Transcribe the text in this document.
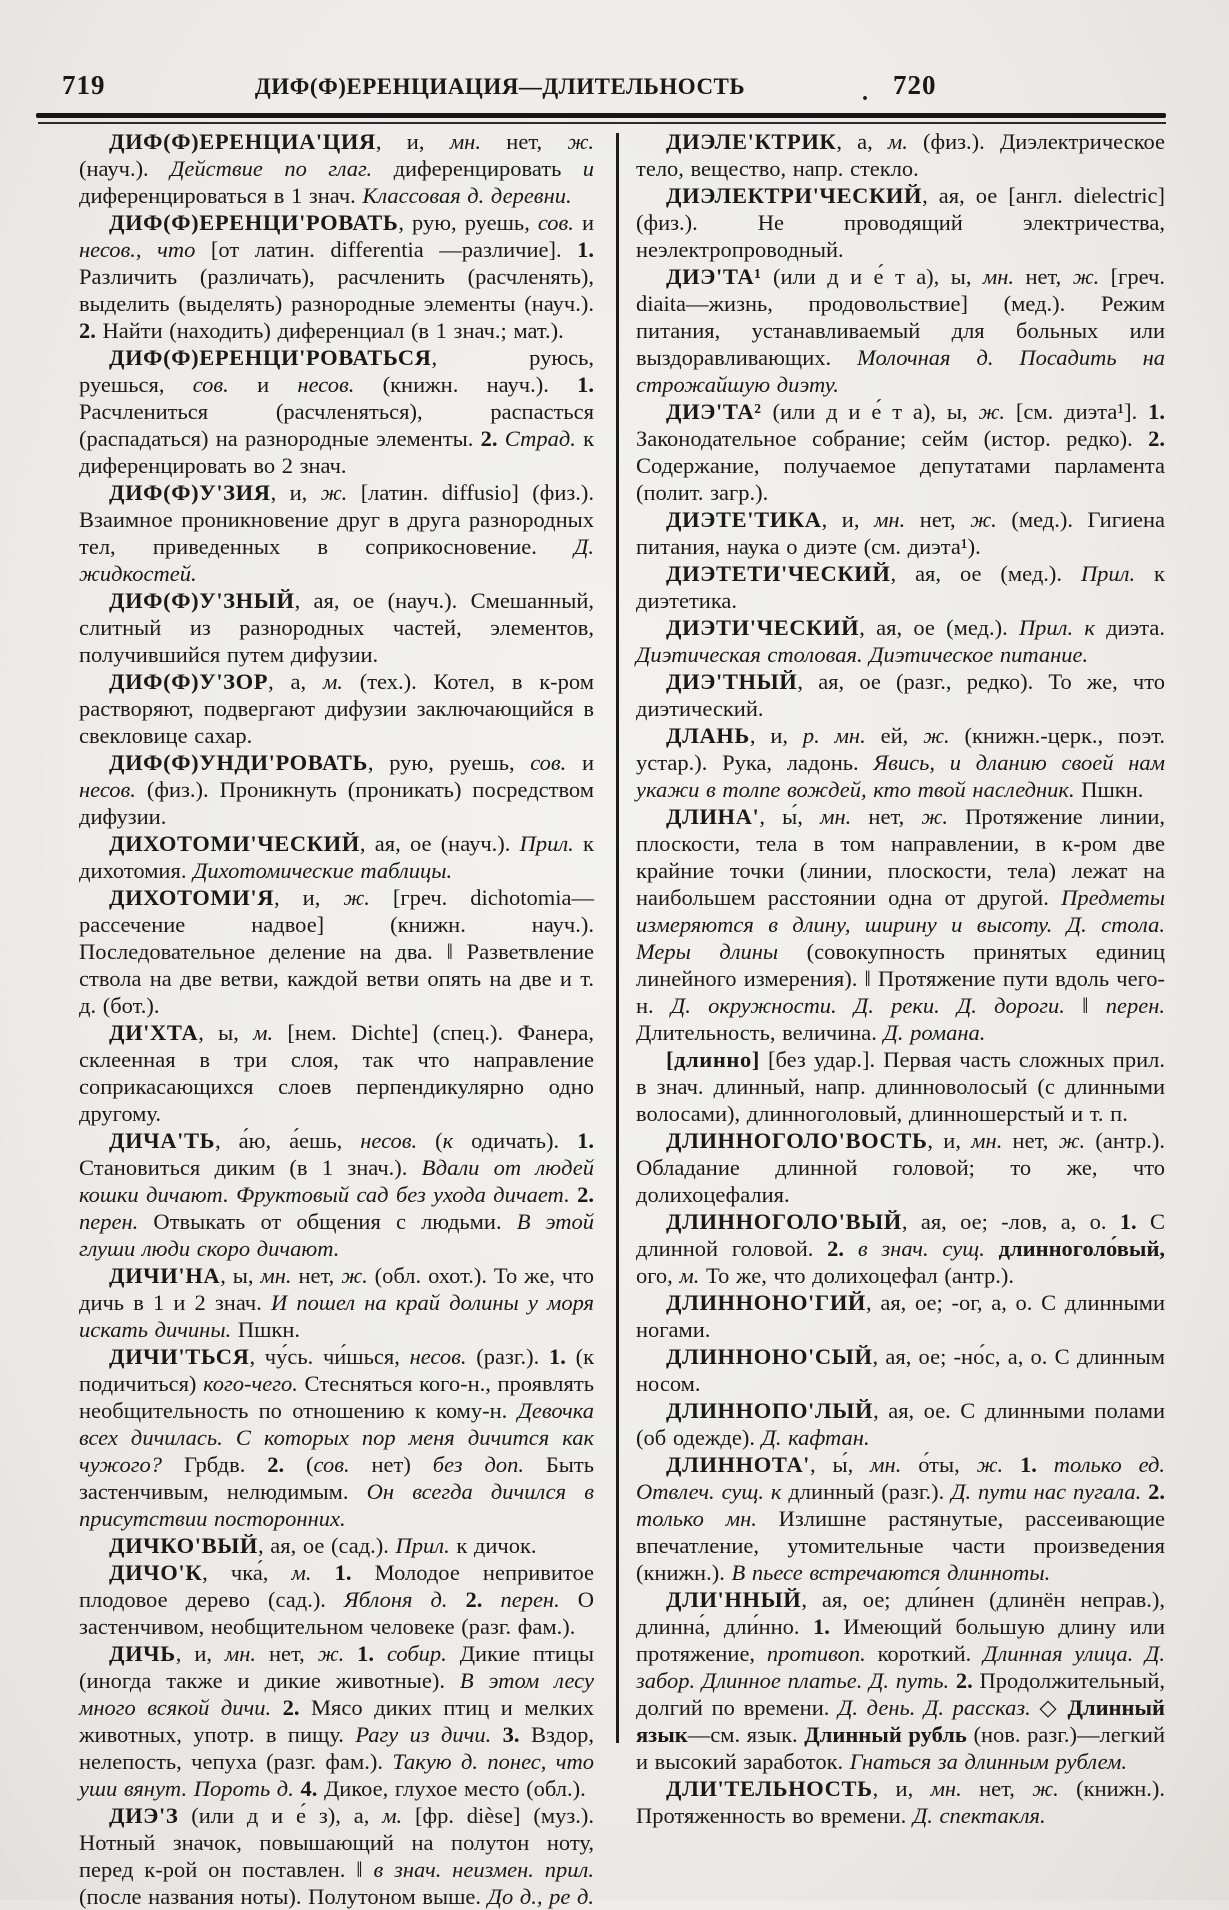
719	ДИФ(Ф)ЕРЕНЦИАЦИЯ—ДЛИТЕЛЬНОСТЬ	. 720

ДИФ(Ф)ЕРЕНЦИА'ЦИЯ, и, мн. нет, ж. (науч.). Действие по глаг. диференцировать и диференцироваться в 1 знач. Классовая д. деревни.

ДИФ(Ф)ЕРЕНЦИ'РОВАТЬ, рую, руешь, сов. и несов., что [от латин. differentia —различие]. 1. Различить (различать), расчленить (расчленять), выделить (выделять) разнородные элементы (науч.). 2. Найти (находить) диференциал (в 1 знач.; мат.).

ДИФ(Ф)ЕРЕНЦИ'РОВАТЬСЯ, руюсь, руешься, сов. и несов. (книжн. науч.). 1. Расчлениться (расчленяться), распасться (распадаться) на разнородные элементы. 2. Страд. к диференцировать во 2 знач.

ДИФ(Ф)У'ЗИЯ, и, ж. [латин. diffusio] (физ.). Взаимное проникновение друг в друга разнородных тел, приведенных в соприкосновение. Д. жидкостей.

ДИФ(Ф)У'ЗНЫЙ, ая, ое (науч.). Смешанный, слитный из разнородных частей, элементов, получившийся путем дифузии.

ДИФ(Ф)У'ЗОР, а, м. (тех.). Котел, в к-ром растворяют, подвергают дифузии заключающийся в свекловице сахар.

ДИФ(Ф)УНДИ'РОВАТЬ, рую, руешь, сов. и несов. (физ.). Проникнуть (проникать) посредством дифузии.

ДИХОТОМИ'ЧЕСКИЙ, ая, ое (науч.). Прил. к дихотомия. Дихотомические таблицы.

ДИХОТОМИ'Я, и, ж. [греч. dichotomia— рассечение надвое] (книжн. науч.). Последовательное деление на два. ‖ Разветвление ствола на две ветви, каждой ветви опять на две и т. д. (бот.).

ДИ'ХТА, ы, м. [нем. Dichte] (спец.). Фанера, склеенная в три слоя, так что направление соприкасающихся слоев перпендикулярно одно другому.

ДИЧА'ТЬ, а́ю, а́ешь, несов. (к одичать). 1. Становиться диким (в 1 знач.). Вдали от людей кошки дичают. Фруктовый сад без ухода дичает. 2. перен. Отвыкать от общения с людьми. В этой глуши люди скоро дичают.

ДИЧИ'НА, ы, мн. нет, ж. (обл. охот.). То же, что дичь в 1 и 2 знач. И пошел на край долины у моря искать дичины. Пшкн.

ДИЧИ'ТЬСЯ, чу́сь. чи́шься, несов. (разг.). 1. (к подичиться) кого-чего. Стесняться кого-н., проявлять необщительность по отношению к кому-н. Девочка всех дичилась. С которых пор меня дичится как чужого? Грбдв. 2. (сов. нет) без доп. Быть застенчивым, нелюдимым. Он всегда дичился в присутствии посторонних.

ДИЧКО'ВЫЙ, ая, ое (сад.). Прил. к дичок.

ДИЧО'К, чка́, м. 1. Молодое непривитое плодовое дерево (сад.). Яблоня д. 2. перен. О застенчивом, необщительном человеке (разг. фам.).

ДИЧЬ, и, мн. нет, ж. 1. собир. Дикие птицы (иногда также и дикие животные). В этом лесу много всякой дичи. 2. Мясо диких птиц и мелких животных, употр. в пищу. Рагу из дичи. 3. Вздор, нелепость, чепуха (разг. фам.). Такую д. понес, что уши вянут. Пороть д. 4. Дикое, глухое место (обл.).

ДИЭ'З (или д и е́ з), а, м. [фр. dièse] (муз.). Нотный значок, повышающий на полутон ноту, перед к-рой он поставлен. ‖ в знач. неизмен. прил. (после названия ноты). Полутоном выше. До д., ре д.

ДИЭЛЕ'КТРИК, а, м. (физ.). Диэлектрическое тело, вещество, напр. стекло.

ДИЭЛЕКТРИ'ЧЕСКИЙ, ая, ое [англ. dielectric] (физ.). Не проводящий электричества, неэлектропроводный.

ДИЭ'ТА¹ (или д и е́ т а), ы, мн. нет, ж. [греч. diaita—жизнь, продовольствие] (мед.). Режим питания, устанавливаемый для больных или выздоравливающих. Молочная д. Посадить на строжайшую диэту.

ДИЭ'ТА² (или д и е́ т а), ы, ж. [см. диэта¹]. 1. Законодательное собрание; сейм (истор. редко). 2. Содержание, получаемое депутатами парламента (полит. загр.).

ДИЭТЕ'ТИКА, и, мн. нет, ж. (мед.). Гигиена питания, наука о диэте (см. диэта¹).

ДИЭТЕТИ'ЧЕСКИЙ, ая, ое (мед.). Прил. к диэтетика.

ДИЭТИ'ЧЕСКИЙ, ая, ое (мед.). Прил. к диэта. Диэтическая столовая. Диэтическое питание.

ДИЭ'ТНЫЙ, ая, ое (разг., редко). То же, что диэтический.

ДЛАНЬ, и, р. мн. ей, ж. (книжн.-церк., поэт. устар.). Рука, ладонь. Явись, и дланию своей нам укажи в толпе вождей, кто твой наследник. Пшкн.

ДЛИНА', ы́, мн. нет, ж. Протяжение линии, плоскости, тела в том направлении, в к-ром две крайние точки (линии, плоскости, тела) лежат на наибольшем расстоянии одна от другой. Предметы измеряются в длину, ширину и высоту. Д. стола. Меры длины (совокупность принятых единиц линейного измерения). ‖ Протяжение пути вдоль чего-н. Д. окружности. Д. реки. Д. дороги. ‖ перен. Длительность, величина. Д. романа.

[длинно] [без удар.]. Первая часть сложных прил. в знач. длинный, напр. длинноволосый (с длинными волосами), длинноголовый, длинношерстый и т. п.

ДЛИННОГОЛО'ВОСТЬ, и, мн. нет, ж. (антр.). Обладание длинной головой; то же, что долихоцефалия.

ДЛИННОГОЛО'ВЫЙ, ая, ое; -лов, а, о. 1. С длинной головой. 2. в знач. сущ. длинноголо́вый, ого, м. То же, что долихоцефал (антр.).

ДЛИННОНО'ГИЙ, ая, ое; -ог, а, о. С длинными ногами.

ДЛИННОНО'СЫЙ, ая, ое; -но́с, а, о. С длинным носом.

ДЛИННОПО'ЛЫЙ, ая, ое. С длинными полами (об одежде). Д. кафтан.

ДЛИННОТА', ы́, мн. о́ты, ж. 1. только ед. Отвлеч. сущ. к длинный (разг.). Д. пути нас пугала. 2. только мн. Излишне растянутые, рассеивающие впечатление, утомительные части произведения (книжн.). В пьесе встречаются длинноты.

ДЛИ'ННЫЙ, ая, ое; дли́нен (длинён неправ.), длинна́, дли́нно. 1. Имеющий большую длину или протяжение, противоп. короткий. Длинная улица. Д. забор. Длинное платье. Д. путь. 2. Продолжительный, долгий по времени. Д. день. Д. рассказ. ◇ Длинный язык—см. язык. Длинный рубль (нов. разг.)—легкий и высокий заработок. Гнаться за длинным рублем.

ДЛИ'ТЕЛЬНОСТЬ, и, мн. нет, ж. (книжн.). Протяженность во времени. Д. спектакля.
